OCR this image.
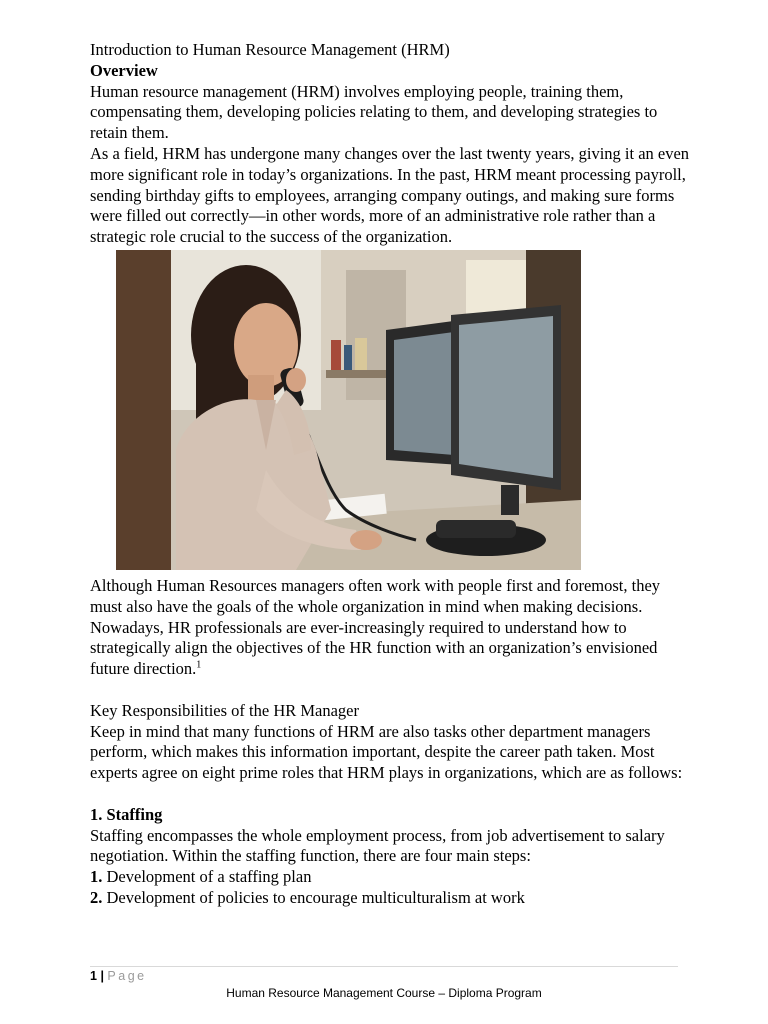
Introduction to Human Resource Management (HRM)

Overview

Human resource management (HRM) involves employing people, training them, compensating them, developing policies relating to them, and developing strategies to retain them.

As a field, HRM has undergone many changes over the last twenty years, giving it an even more significant role in today’s organizations. In the past, HRM meant processing payroll, sending birthday gifts to employees, arranging company outings, and making sure forms were filled out correctly—in other words, more of an administrative role rather than a strategic role crucial to the success of the organization.

Although Human Resources managers often work with people first and foremost, they must also have the goals of the whole organization in mind when making decisions. Nowadays, HR professionals are ever-increasingly required to understand how to strategically align the objectives of the HR function with an organization’s envisioned future direction.$^1$

Key Responsibilities of the HR Manager

Keep in mind that many functions of HRM are also tasks other department managers perform, which makes this information important, despite the career path taken. Most experts agree on eight prime roles that HRM plays in organizations, which are as follows:

1. Staffing

Staffing encompasses the whole employment process, from job advertisement to salary negotiation. Within the staffing function, there are four main steps:

1. Development of a staffing plan

2. Development of policies to encourage multiculturalism at work

1 | Page
Human Resource Management Course – Diploma Program
